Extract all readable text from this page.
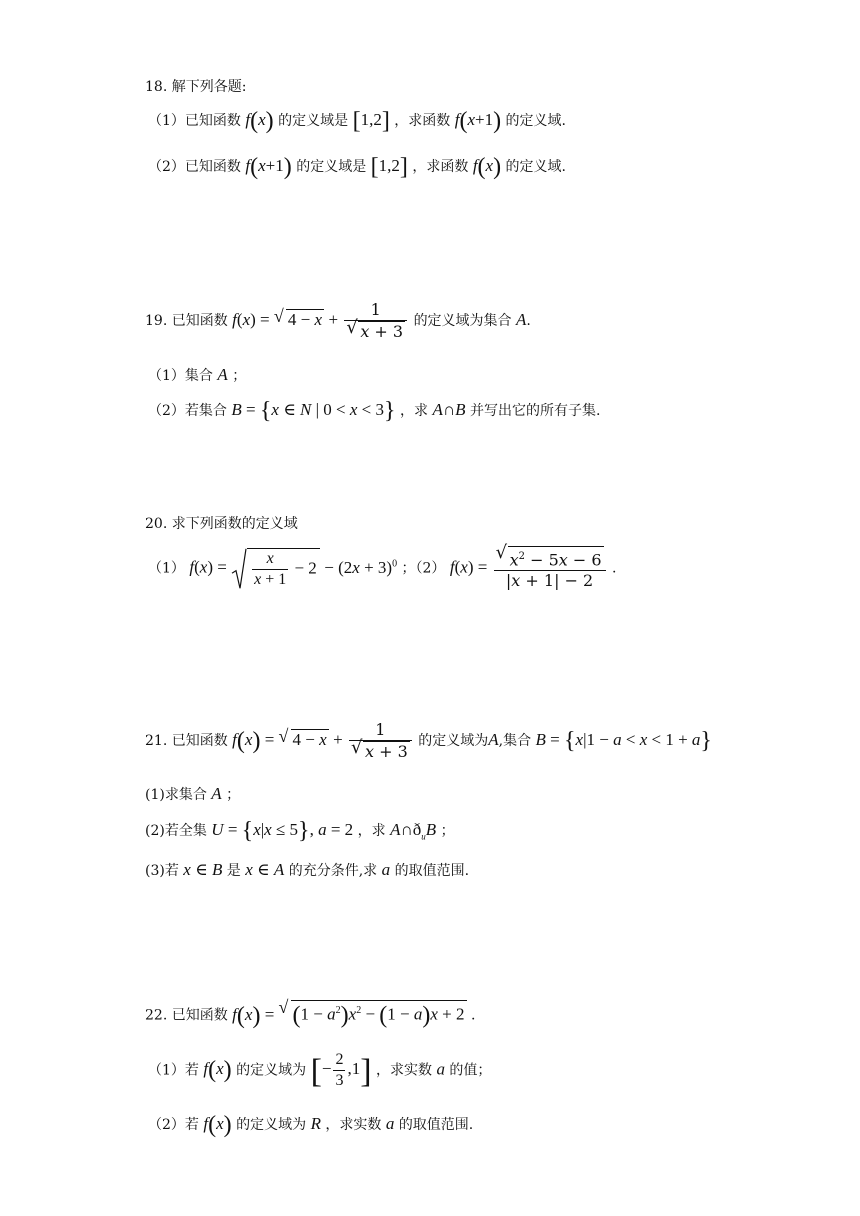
18. 解下列各题:
（1）已知函数 f(x) 的定义域是 [1,2] ，求函数 f(x+1) 的定义域.
（2）已知函数 f(x+1) 的定义域是 [1,2] ，求函数 f(x) 的定义域.
19. 已知函数 f(x) = √ 4 − x + 1
√ x + 3 的定义域为集合 A.
（1）集合 A ；
（2）若集合 B = {x ∈ N | 0 < x < 3} ，求 A∩B 并写出它的所有子集.
20. 求下列函数的定义域
（1） $f(x) = \frac{x}{x + 1} - 2 - (2x + 3)^0$ ；（2） f(x) =
√ $\frac{x^2 - 5x - 6}{|x + 1| - 2}$ .
21. 已知函数 f(x) = √ 4 − x + 1
√ x + 3 的定义域为A,集合 B = {x|1 − a < x < 1 + a}
(1)求集合 A ；
(2)若全集 U = {x|x ≤ 5}, a = 2 ，求 $A\cap ð_uB$ ；
(3)若 x ∈ B 是 x ∈ A 的充分条件,求 a 的取值范围.
22. 已知函数 f(x) = √ $(1 - a^2)x^2 - (1 - a)x + 2$ .
（1）若 f(x) 的定义域为 [− $\frac{2}{3} ,1$] ，求实数 a 的值；
（2）若 f(x) 的定义域为 R ，求实数 a 的取值范围.
